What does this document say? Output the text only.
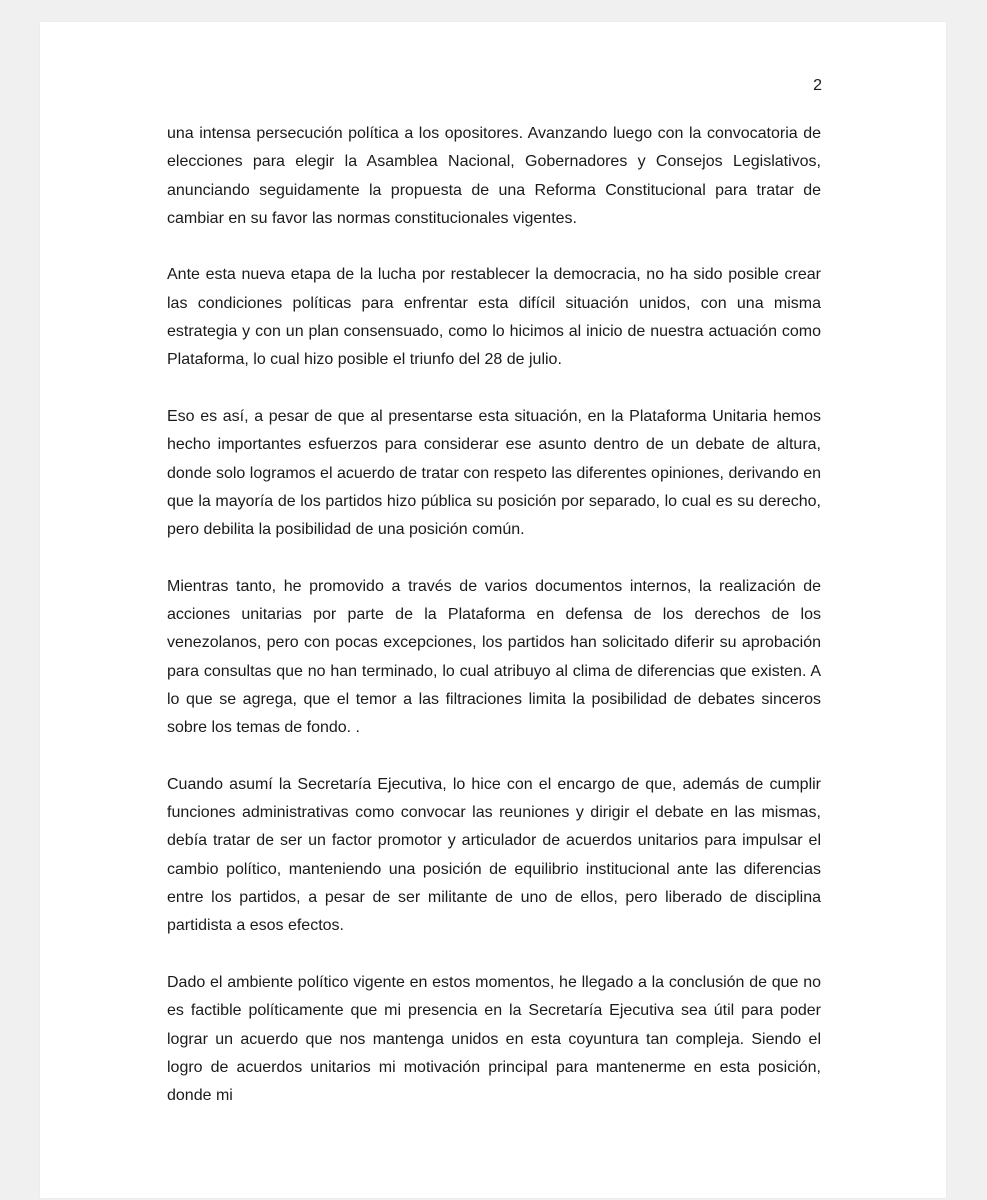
2

una intensa persecución política a los opositores. Avanzando luego con la convocatoria de elecciones para elegir la Asamblea Nacional, Gobernadores y Consejos Legislativos, anunciando seguidamente la propuesta de una Reforma Constitucional para tratar de cambiar en su favor las normas constitucionales vigentes.

Ante esta nueva etapa de la lucha por restablecer la democracia, no ha sido posible crear las condiciones políticas para enfrentar esta difícil situación unidos, con una misma estrategia y con un plan consensuado, como lo hicimos al inicio de nuestra actuación como Plataforma, lo cual hizo posible el triunfo del 28 de julio.

Eso es así, a pesar de que al presentarse esta situación, en la Plataforma Unitaria hemos hecho importantes esfuerzos para considerar ese asunto dentro de un debate de altura, donde solo logramos el acuerdo de tratar con respeto las diferentes opiniones, derivando en que la mayoría de los partidos hizo pública su posición por separado, lo cual es su derecho, pero debilita la posibilidad de una posición común.

Mientras tanto, he promovido a través de varios documentos internos, la realización de acciones unitarias por parte de la Plataforma en defensa de los derechos de los venezolanos, pero con pocas excepciones, los partidos han solicitado diferir su aprobación para consultas que no han terminado, lo cual atribuyo al clima de diferencias que existen. A lo que se agrega, que el temor a las filtraciones limita la posibilidad de debates sinceros sobre los temas de fondo. .

Cuando asumí la Secretaría Ejecutiva, lo hice con el encargo de que, además de cumplir funciones administrativas como convocar las reuniones y dirigir el debate en las mismas, debía tratar de ser un factor promotor y articulador de acuerdos unitarios para impulsar el cambio político, manteniendo una posición de equilibrio institucional ante las diferencias entre los partidos, a pesar de ser militante de uno de ellos, pero liberado de disciplina partidista a esos efectos.

Dado el ambiente político vigente en estos momentos, he llegado a la conclusión de que no es factible políticamente que mi presencia en la Secretaría Ejecutiva sea útil para poder lograr un acuerdo que nos mantenga unidos en esta coyuntura tan compleja. Siendo el logro de acuerdos unitarios mi motivación principal para mantenerme en esta posición, donde mi
